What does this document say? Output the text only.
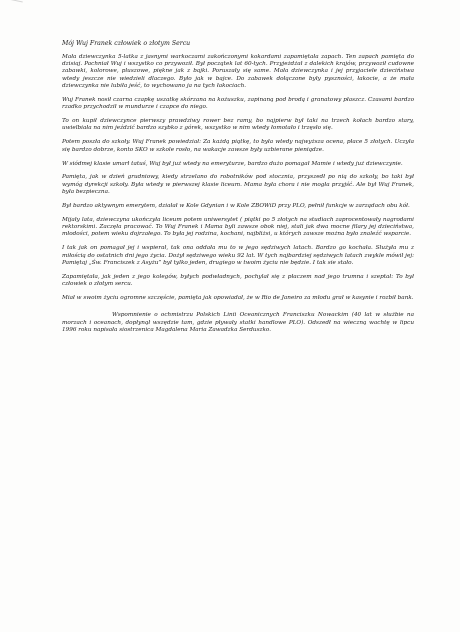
Mój Wuj Franek człowiek o złotym Sercu

Mała dziewczynka 5-latka z jasnymi warkoczami zakończonymi kokardami zapamiętała zapach. Ten zapach pamięta do dzisiaj. Pachniał Wuj i wszystko co przywoził. Był początek lat 60-tych. Przyjeżdżał z dalekich krajów, przywoził cudowne zabawki, kolorowe, pluszowe, piękne jak z bajki. Poruszały się same. Mała dziewczynka i jej przyjaciele dzieciństwa wtedy jeszcze nie wiedzieli dlaczego. Było jak w bajce. Do zabawek dołączone były pyszności, łakocie, a że mała dziewczynka nie lubiła jeść, to wychowano ja na tych łakociach.

Wuj Franek nosił czarna czapkę uszatkę skórzana na kożuszku, zapinaną pod brodą i granatowy płaszcz. Czasami bardzo rzadko przychodził w mundurze i czapce do niego.

To on kupił dziewczynce pierwszy prawdziwy rower bez ramy, bo najpierw był taki na trzech kołach bardzo stary, uwielbiała na nim jeździć bardzo szybko z górek, wszystko w nim wtedy łomotało i trzęsło się.

Potem poszła do szkoły. Wuj Franek powiedział: Za każdą piątkę, to była wtedy najwyższa ocena, płace 5 złotych. Uczyła się bardzo dobrze, konto SKO w szkole rosło, na wakacje zawsze były uzbierane pieniądze.

W siódmej klasie umarł tatuś, Wuj był już wtedy na emeryturze, bardzo dużo pomagał Mamie i wtedy już dziewczynie.

Pamięta, jak w dzień grudniowy, kiedy strzelano do robotników pod stocznia, przyszedł po nią do szkoły, bo taki był wymóg dyrekcji szkoły. Była wtedy w pierwszej klasie liceum. Mama była chora i nie mogła przyjść. Ale był Wuj Franek, była bezpieczna.

Był bardzo aktywnym emerytem, działał w Kole Gdynian i w Kole ZBOWiD przy PLO, pełnił funkcje w zarządach obu kół.

Mijały lata, dziewczyna ukończyła liceum potem uniwersytet ( piątki po 5 złotych na studiach zaprocentowały nagrodami rektorskimi. Zaczęła pracować. To Wuj Franek i Mama byli zawsze obok niej, stali jak dwa mocne filary jej dzieciństwa, młodości, potem wieku dojrzałego. To była jej rodzina, kochani, najbliżsi, u których zawsze można było znaleźć wsparcie.

I tak jak on pomagał jej i wspierał, tak ona oddała mu to w jego sędziwych latach. Bardzo go kochała. Służyła mu z miłością do ostatnich dni jego życia. Dożył sędziwego wieku 92 lat. W tych najbardziej sędziwych latach zwykle mówił jej: Pamiętaj „Św. Franciszek z Asyżu” był tylko jeden, drugiego w twoim życiu nie będzie. I tak sie stało.

Zapamiętała, jak jeden z jego kolegów, byłych podwładnych, pochylał się z płaczem nad jego trumna i szeptał: To był człowiek o złotym sercu.

Miał w swoim życiu ogromne szczęście, pamięta jak opowiadał, że w Rio de Janeiro za młodu grał w kasynie i rozbił bank.

Wspomnienie o ochmistrzu Polskich Linii Oceanicznych Franciszku Nowackim (40 lat w służbie na morzach i oceanach, dopłynął wszędzie tam, gdzie pływały statki handlowe PLO). Odszedł na wieczną wachtę w lipcu 1996 roku napisała siostrzenica Magdalena Maria Zawadzka Serduszko.
